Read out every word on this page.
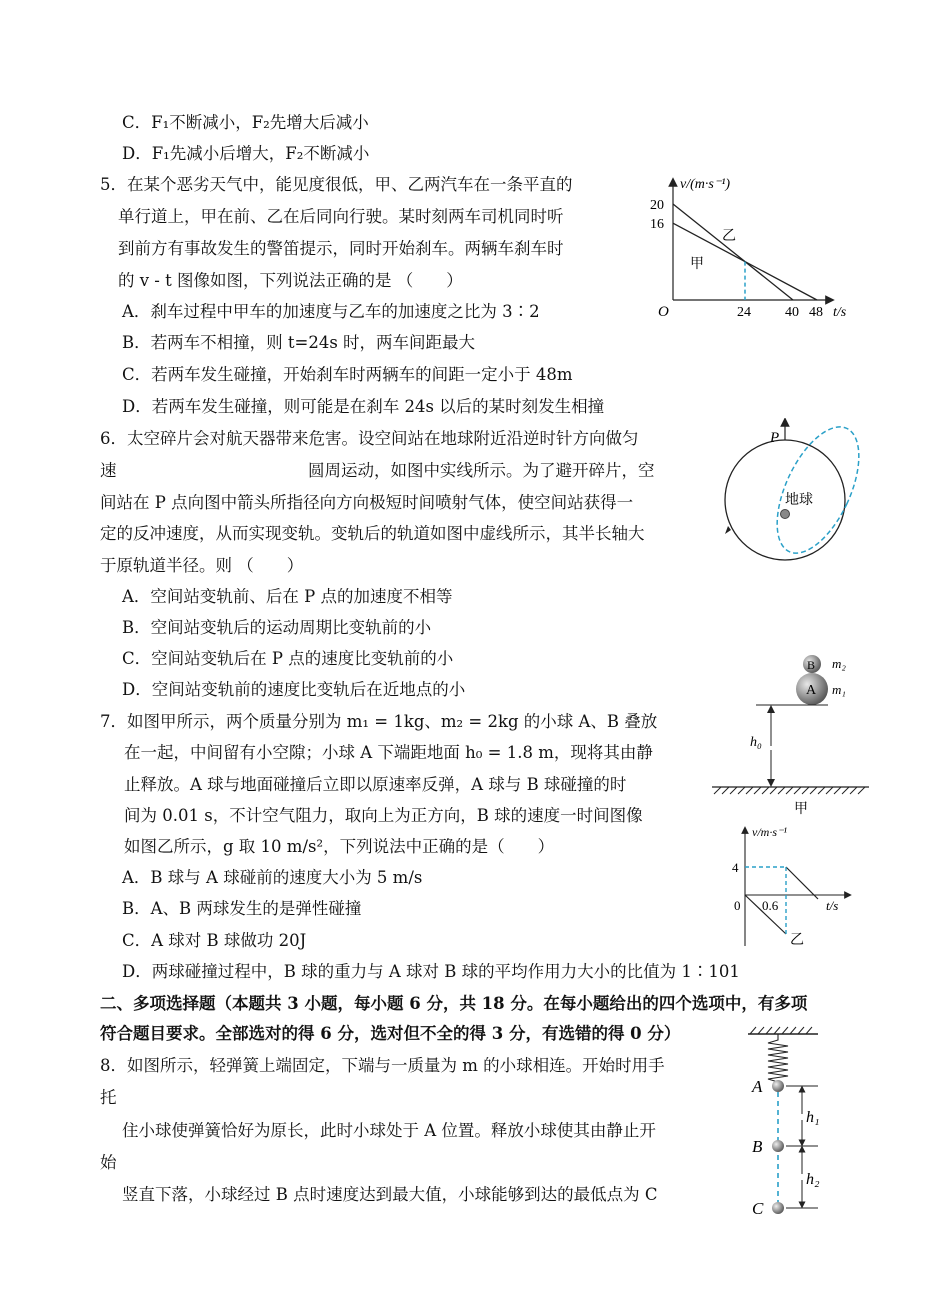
C．F₁不断减小，F₂先增大后减小
D．F₁先减小后增大，F₂不断减小
5．在某个恶劣天气中，能见度很低，甲、乙两汽车在一条平直的
单行道上，甲在前、乙在后同向行驶。某时刻两车司机同时听
到前方有事故发生的警笛提示，同时开始刹车。两辆车刹车时
的 v - t 图像如图，下列说法正确的是 （　　）
A．刹车过程中甲车的加速度与乙车的加速度之比为 3∶2
B．若两车不相撞，则 t=24s 时，两车间距最大
C．若两车发生碰撞，开始刹车时两辆车的间距一定小于 48m
D．若两车发生碰撞，则可能是在刹车 24s 以后的某时刻发生相撞
v/(m·s⁻¹)
t/s
O
20
16
24 40 48
乙
甲
6．太空碎片会对航天器带来危害。设空间站在地球附近沿逆时针方向做匀
速	圆周运动，如图中实线所示。为了避开碎片，空
间站在 P 点向图中箭头所指径向方向极短时间喷射气体，使空间站获得一
定的反冲速度，从而实现变轨。变轨后的轨道如图中虚线所示，其半长轴大
于原轨道半径。则 （　　）
A．空间站变轨前、后在 P 点的加速度不相等
B．空间站变轨后的运动周期比变轨前的小
C．空间站变轨后在 P 点的速度比变轨前的小
D．空间站变轨前的速度比变轨后在近地点的小
P
地球
7．如图甲所示，两个质量分别为 m₁ = 1kg、m₂ = 2kg 的小球 A、B 叠放
在一起，中间留有小空隙；小球 A 下端距地面 h₀ = 1.8 m，现将其由静
止释放。A 球与地面碰撞后立即以原速率反弹，A 球与 B 球碰撞的时
间为 0.01 s，不计空气阻力，取向上为正方向，B 球的速度一时间图像
如图乙所示，g 取 10 m/s²，下列说法中正确的是（　　）
A．B 球与 A 球碰前的速度大小为 5 m/s
B．A、B 两球发生的是弹性碰撞
C．A 球对 B 球做功 20J
D．两球碰撞过程中，B 球的重力与 A 球对 B 球的平均作用力大小的比值为 1∶101
B
A
m₂
m₁
h₀
甲
v/m·s⁻¹
t/s
4
0.6
0
乙
二、多项选择题（本题共 3 小题，每小题 6 分，共 18 分。在每小题给出的四个选项中，有多项
符合题目要求。全部选对的得 6 分，选对但不全的得 3 分，有选错的得 0 分）
8．如图所示，轻弹簧上端固定，下端与一质量为 m 的小球相连。开始时用手
托
住小球使弹簧恰好为原长，此时小球处于 A 位置。释放小球使其由静止开
始
竖直下落，小球经过 B 点时速度达到最大值，小球能够到达的最低点为 C
A
B
C
h₁
h₂
